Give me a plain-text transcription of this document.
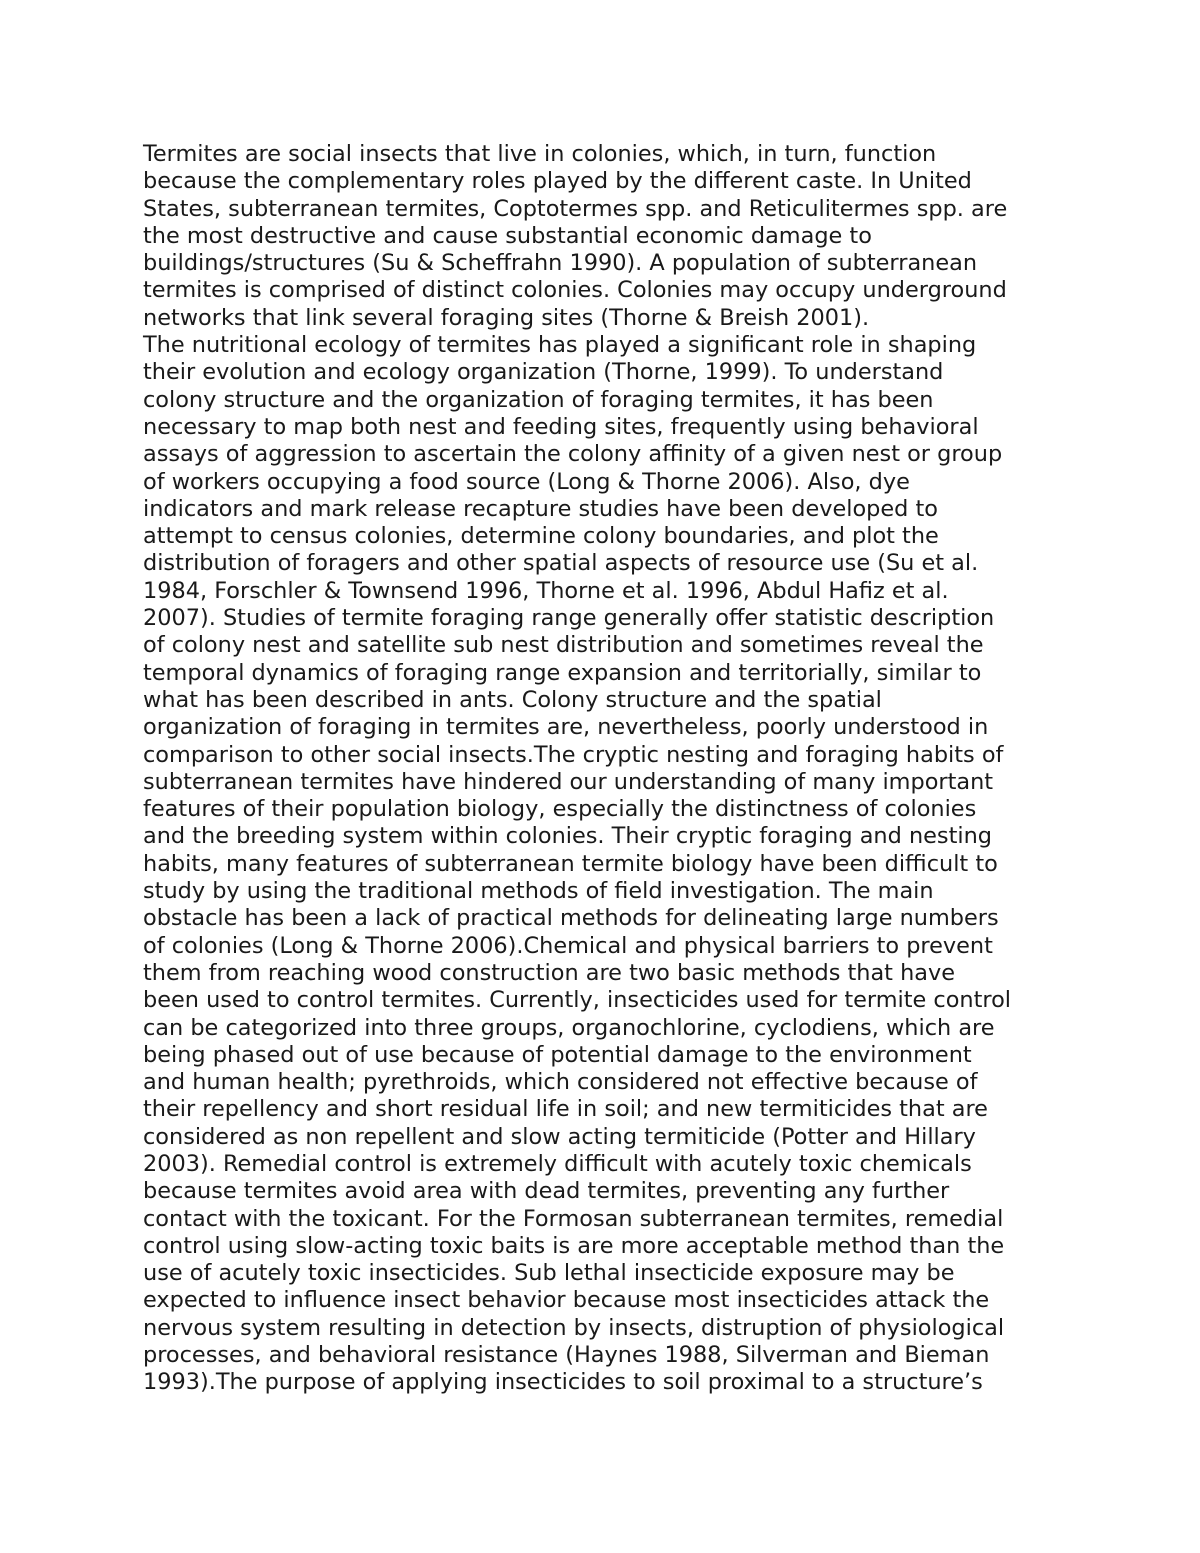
Termites are social insects that live in colonies, which, in turn, function
because the complementary roles played by the different caste. In United
States, subterranean termites, Coptotermes spp. and Reticulitermes spp. are
the most destructive and cause substantial economic damage to
buildings/structures (Su & Scheffrahn 1990). A population of subterranean
termites is comprised of distinct colonies. Colonies may occupy underground
networks that link several foraging sites (Thorne & Breish 2001).
The nutritional ecology of termites has played a significant role in shaping
their evolution and ecology organization (Thorne, 1999). To understand
colony structure and the organization of foraging termites, it has been
necessary to map both nest and feeding sites, frequently using behavioral
assays of aggression to ascertain the colony affinity of a given nest or group
of workers occupying a food source (Long & Thorne 2006). Also, dye
indicators and mark release recapture studies have been developed to
attempt to census colonies, determine colony boundaries, and plot the
distribution of foragers and other spatial aspects of resource use (Su et al.
1984, Forschler & Townsend 1996, Thorne et al. 1996, Abdul Hafiz et al.
2007). Studies of termite foraging range generally offer statistic description
of colony nest and satellite sub nest distribution and sometimes reveal the
temporal dynamics of foraging range expansion and territorially, similar to
what has been described in ants. Colony structure and the spatial
organization of foraging in termites are, nevertheless, poorly understood in
comparison to other social insects.The cryptic nesting and foraging habits of
subterranean termites have hindered our understanding of many important
features of their population biology, especially the distinctness of colonies
and the breeding system within colonies. Their cryptic foraging and nesting
habits, many features of subterranean termite biology have been difficult to
study by using the traditional methods of field investigation. The main
obstacle has been a lack of practical methods for delineating large numbers
of colonies (Long & Thorne 2006).Chemical and physical barriers to prevent
them from reaching wood construction are two basic methods that have
been used to control termites. Currently, insecticides used for termite control
can be categorized into three groups, organochlorine, cyclodiens, which are
being phased out of use because of potential damage to the environment
and human health; pyrethroids, which considered not effective because of
their repellency and short residual life in soil; and new termiticides that are
considered as non repellent and slow acting termiticide (Potter and Hillary
2003). Remedial control is extremely difficult with acutely toxic chemicals
because termites avoid area with dead termites, preventing any further
contact with the toxicant. For the Formosan subterranean termites, remedial
control using slow-acting toxic baits is are more acceptable method than the
use of acutely toxic insecticides. Sub lethal insecticide exposure may be
expected to influence insect behavior because most insecticides attack the
nervous system resulting in detection by insects, distruption of physiological
processes, and behavioral resistance (Haynes 1988, Silverman and Bieman
1993).The purpose of applying insecticides to soil proximal to a structure’s
